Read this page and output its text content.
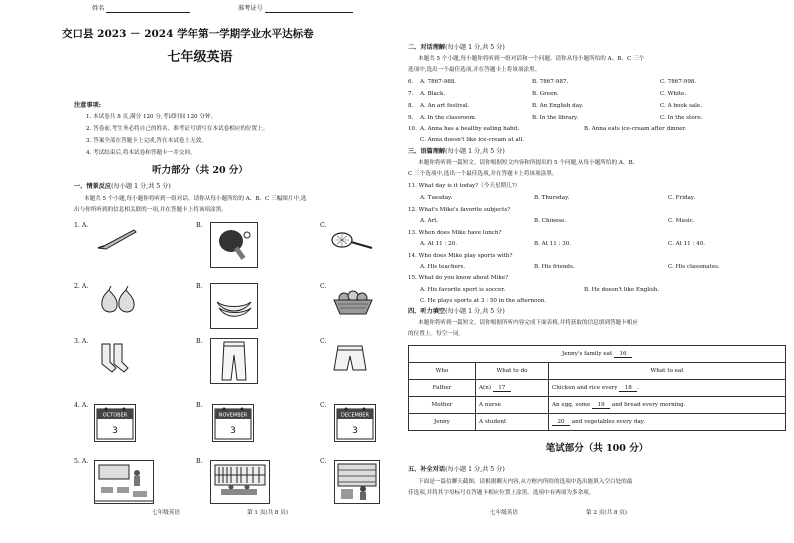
姓名	准考证号
交口县 2023 － 2024 学年第一学期学业水平达标卷
七年级英语
注意事项:
1. 本试卷共 8 页,满分 120 分,考试时间 120 分钟。
2. 答卷前,考生务必将自己的姓名、准考证号填写在本试卷相应的位置上。
3. 答案全部在答题卡上完成,答在本试卷上无效。
4. 考试结束后,将本试卷和答题卡一并交回。
听力部分（共 20 分）
一、情景反应(每小题 1 分,共 5 分)
本题共 5 个小题,每小题你将听到一组对话。请你从每小题所给的 A、B、C 三幅图片中,选
出与你所听到的信息相关联的一项,并在答题卡上将该项涂黑。
1. A.	B.	C.
2. A.	B.	C.
3. A.	B.	C.
4. A.
OCTOBER
3
B.
NOVEMBER
3
C.
DECEMBER
3
5. A.	B.	C.
七年级英语	第 1 页(共 8 页)
二、对话理解(每小题 1 分,共 5 分)
本题共 5 个小题,每小题你将听到一组对话和一个问题。请你从每小题所给的 A、B、C 三个
选项中,选出一个最佳选项,并在答题卡上将该项涂黑。
6. A. 7867-988.	B. 7867-987.	C. 7867-998.
7. A. Black.	B. Green.	C. White.
8. A. An art festival.	B. An English day.	C. A book sale.
9. A. In the classroom.	B. In the library.	C. In the store.
10. A. Anna has a healthy eating habit.	B. Anna eats ice-cream after dinner.
C. Anna doesn't like ice-cream at all.
三、语篇理解(每小题 1 分,共 5 分)
本题你将听到一篇短文。请你根据短文内容和所提出的 5 个问题,从每小题所给的 A、B、
C 三个选项中,选出一个最佳选项,并在答题卡上将该项涂黑。
11. What day is it today?（今天星期几?）
A. Tuesday.	B. Thursday.	C. Friday.
12. What's Mike's favorite subjects?
A. Art.	B. Chinese.	C. Music.
13. When does Mike have lunch?
A. At 11 : 20.	B. At 11 : 30.	C. At 11 : 40.
14. Who does Mike play sports with?
A. His teachers.	B. His friends.	C. His classmates.
15. What do you know about Mike?
A. His favorite sport is soccer.	B. He doesn't like English.
C. He plays sports at 3 : 50 in the afternoon.
四、听力填空(每小题 1 分,共 5 分)
本题你将听到一篇短文。请你根据所听内容完成下面表格,并将获取的信息填到答题卡相应
的位置上。每空一词。
Jenny's family eat 16		
Who	What to do	What to eat
Father	A(n) 17	Chicken and rice every 18 .
Mother	A nurse	An egg, some 19 and bread every morning.
Jenny	A student	20 and vegetables every day.
笔试部分（共 100 分）
五、补全对话(每小题 1 分,共 5 分)
下面是一篇信聊天截图。请根据聊天内容,从方框内所给的选项中选出能填入空白处的最
佳选项,并将其字母标号在答题卡相应位置上涂黑。选项中有两项为多余项。
七年级英语	第 2 页(共 8 页)
